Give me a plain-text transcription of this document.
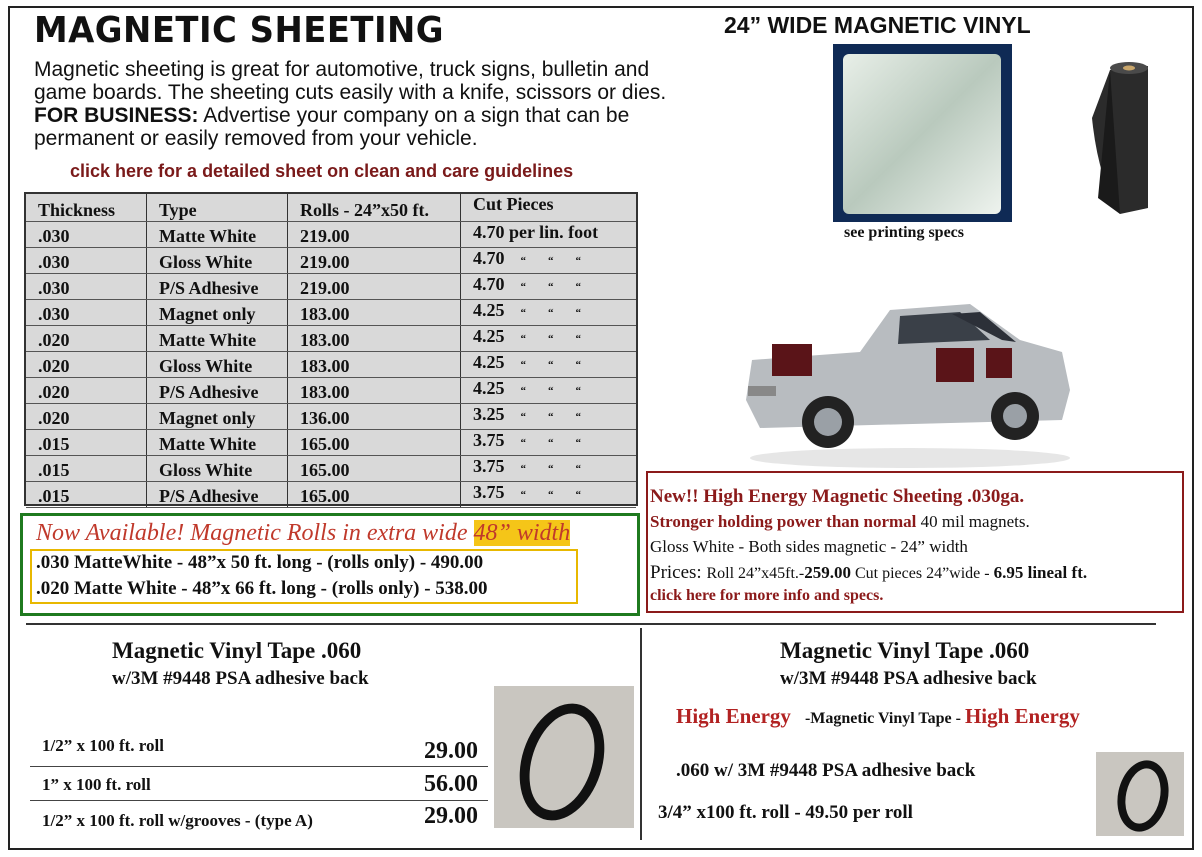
MAGNETIC SHEETING
Magnetic sheeting is great for automotive, truck signs, bulletin and
game boards. The sheeting cuts easily with a knife, scissors or dies.
FOR BUSINESS: Advertise your company on a sign that can be
permanent or easily removed from your vehicle.
click here for a detailed sheet on clean and care guidelines
Thickness	Type	Rolls - 24”x50 ft.	Cut Pieces
.030	Matte White	219.00	4.70 per lin. foot
.030	Gloss White	219.00	4.70 “ “ “
.030	P/S Adhesive	219.00	4.70 “ “ “
.030	Magnet only	183.00	4.25 “ “ “
.020	Matte White	183.00	4.25 “ “ “
.020	Gloss White	183.00	4.25 “ “ “
.020	P/S Adhesive	183.00	4.25 “ “ “
.020	Magnet only	136.00	3.25 “ “ “
.015	Matte White	165.00	3.75 “ “ “
.015	Gloss White	165.00	3.75 “ “ “
.015	P/S Adhesive	165.00	3.75 “ “ “
Now Available! Magnetic Rolls in extra wide 48” width
.030 MatteWhite - 48”x 50 ft. long - (rolls only) - 490.00
.020 Matte White - 48”x 66 ft. long - (rolls only) - 538.00
24” WIDE MAGNETIC VINYL
see printing specs
New!! High Energy Magnetic Sheeting .030ga.
Stronger holding power than normal 40 mil magnets.
Gloss White - Both sides magnetic - 24” width
Prices: Roll 24”x45ft.-259.00 Cut pieces 24”wide - 6.95 lineal ft.
click here for more info and specs.
Magnetic Vinyl Tape .060
w/3M #9448 PSA adhesive back
1/2” x 100 ft. roll	29.00
1” x 100 ft. roll	56.00
1/2” x 100 ft. roll w/grooves - (type A)	29.00
Magnetic Vinyl Tape .060
w/3M #9448 PSA adhesive back
High Energy -Magnetic Vinyl Tape - High Energy
.060 w/ 3M #9448 PSA adhesive back
3/4” x100 ft. roll - 49.50 per roll
